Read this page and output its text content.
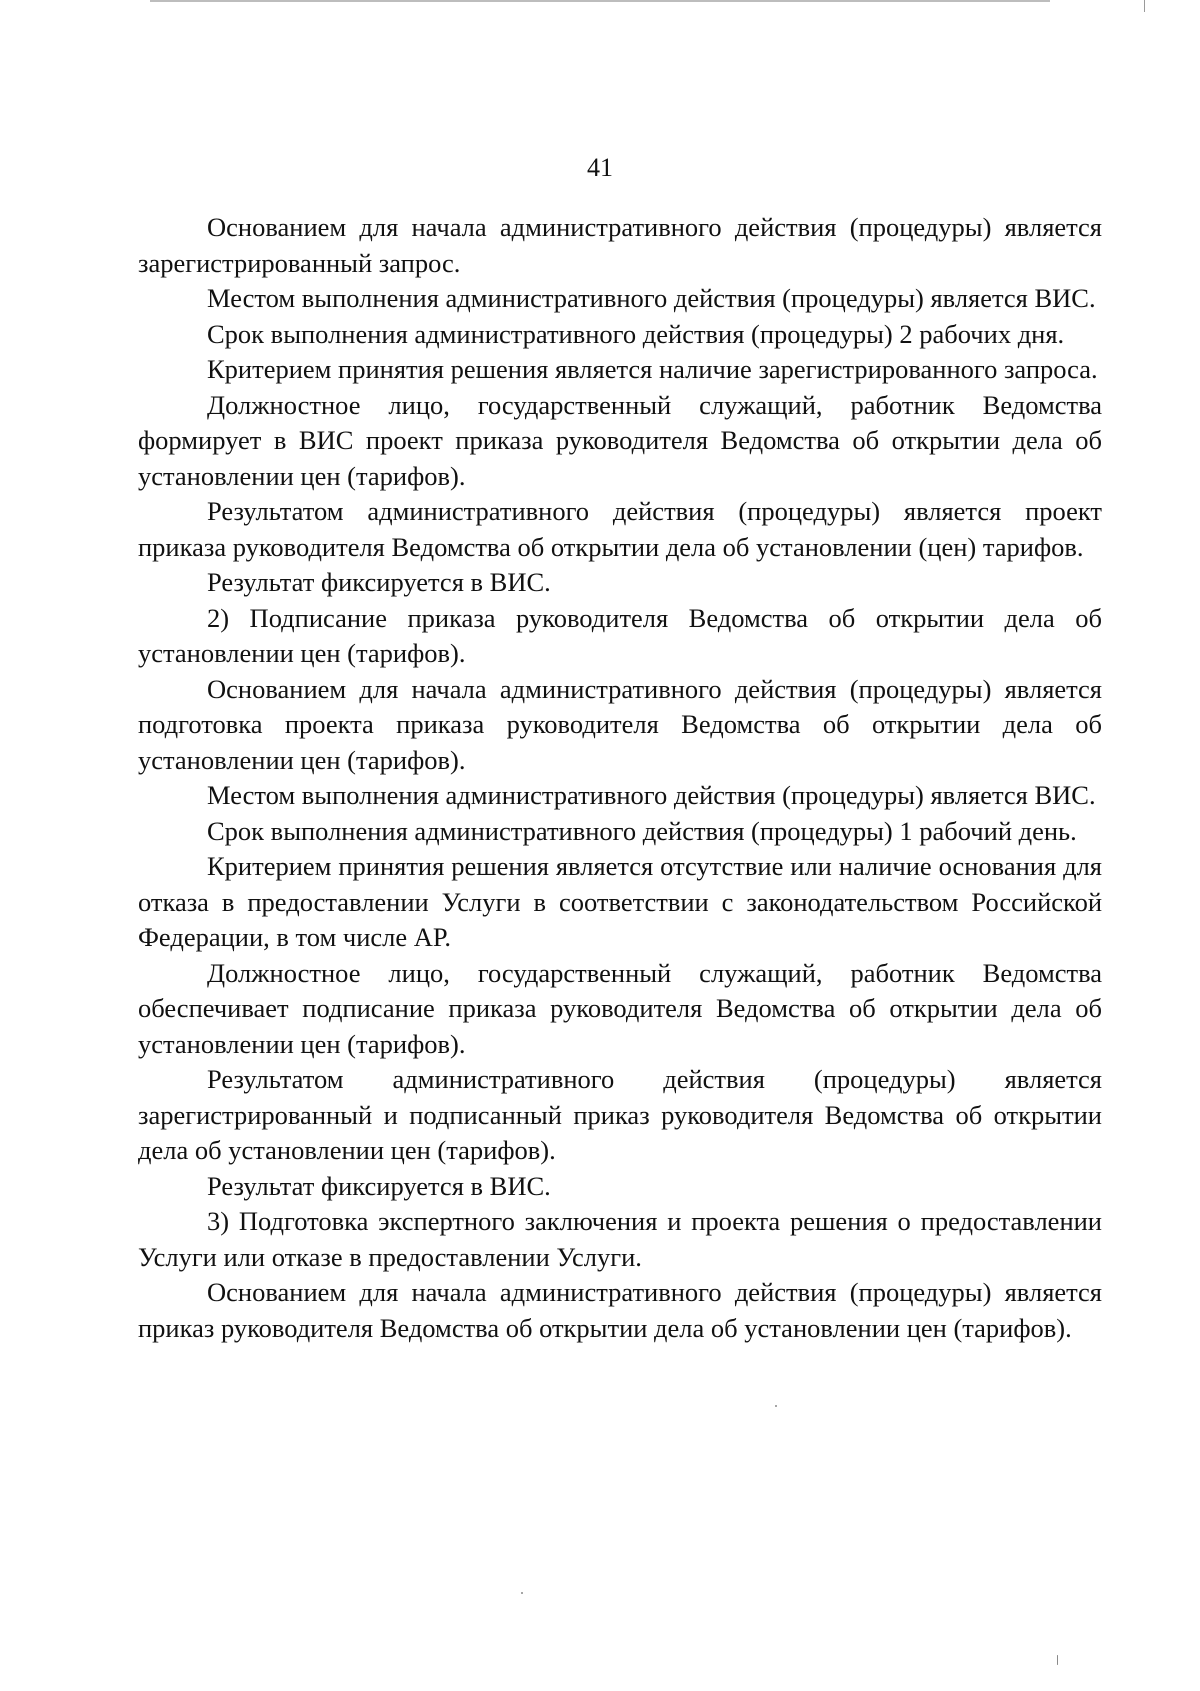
41

Основанием для начала административного действия (процедуры) является зарегистрированный запрос.

Местом выполнения административного действия (процедуры) является ВИС.

Срок выполнения административного действия (процедуры) 2 рабочих дня.

Критерием принятия решения является наличие зарегистрированного запроса.

Должностное лицо, государственный служащий, работник Ведомства формирует в ВИС проект приказа руководителя Ведомства об открытии дела об установлении цен (тарифов).

Результатом административного действия (процедуры) является проект приказа руководителя Ведомства об открытии дела об установлении (цен) тарифов.

Результат фиксируется в ВИС.

2) Подписание приказа руководителя Ведомства об открытии дела об установлении цен (тарифов).

Основанием для начала административного действия (процедуры) является подготовка проекта приказа руководителя Ведомства об открытии дела об установлении цен (тарифов).

Местом выполнения административного действия (процедуры) является ВИС.

Срок выполнения административного действия (процедуры) 1 рабочий день.

Критерием принятия решения является отсутствие или наличие основания для отказа в предоставлении Услуги в соответствии с законодательством Российской Федерации, в том числе АР.

Должностное лицо, государственный служащий, работник Ведомства обеспечивает подписание приказа руководителя Ведомства об открытии дела об установлении цен (тарифов).

Результатом административного действия (процедуры) является зарегистрированный и подписанный приказ руководителя Ведомства об открытии дела об установлении цен (тарифов).

Результат фиксируется в ВИС.

3) Подготовка экспертного заключения и проекта решения о предоставлении Услуги или отказе в предоставлении Услуги.

Основанием для начала административного действия (процедуры) является приказ руководителя Ведомства об открытии дела об установлении цен (тарифов).
